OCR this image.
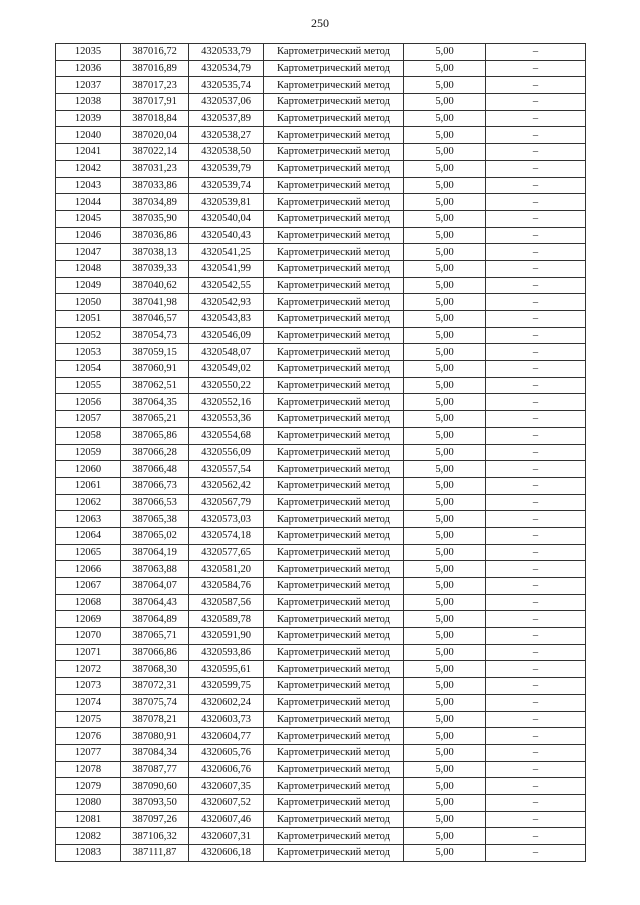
250
12035	387016,72	4320533,79	Картометрический метод	5,00	–
12036	387016,89	4320534,79	Картометрический метод	5,00	–
12037	387017,23	4320535,74	Картометрический метод	5,00	–
12038	387017,91	4320537,06	Картометрический метод	5,00	–
12039	387018,84	4320537,89	Картометрический метод	5,00	–
12040	387020,04	4320538,27	Картометрический метод	5,00	–
12041	387022,14	4320538,50	Картометрический метод	5,00	–
12042	387031,23	4320539,79	Картометрический метод	5,00	–
12043	387033,86	4320539,74	Картометрический метод	5,00	–
12044	387034,89	4320539,81	Картометрический метод	5,00	–
12045	387035,90	4320540,04	Картометрический метод	5,00	–
12046	387036,86	4320540,43	Картометрический метод	5,00	–
12047	387038,13	4320541,25	Картометрический метод	5,00	–
12048	387039,33	4320541,99	Картометрический метод	5,00	–
12049	387040,62	4320542,55	Картометрический метод	5,00	–
12050	387041,98	4320542,93	Картометрический метод	5,00	–
12051	387046,57	4320543,83	Картометрический метод	5,00	–
12052	387054,73	4320546,09	Картометрический метод	5,00	–
12053	387059,15	4320548,07	Картометрический метод	5,00	–
12054	387060,91	4320549,02	Картометрический метод	5,00	–
12055	387062,51	4320550,22	Картометрический метод	5,00	–
12056	387064,35	4320552,16	Картометрический метод	5,00	–
12057	387065,21	4320553,36	Картометрический метод	5,00	–
12058	387065,86	4320554,68	Картометрический метод	5,00	–
12059	387066,28	4320556,09	Картометрический метод	5,00	–
12060	387066,48	4320557,54	Картометрический метод	5,00	–
12061	387066,73	4320562,42	Картометрический метод	5,00	–
12062	387066,53	4320567,79	Картометрический метод	5,00	–
12063	387065,38	4320573,03	Картометрический метод	5,00	–
12064	387065,02	4320574,18	Картометрический метод	5,00	–
12065	387064,19	4320577,65	Картометрический метод	5,00	–
12066	387063,88	4320581,20	Картометрический метод	5,00	–
12067	387064,07	4320584,76	Картометрический метод	5,00	–
12068	387064,43	4320587,56	Картометрический метод	5,00	–
12069	387064,89	4320589,78	Картометрический метод	5,00	–
12070	387065,71	4320591,90	Картометрический метод	5,00	–
12071	387066,86	4320593,86	Картометрический метод	5,00	–
12072	387068,30	4320595,61	Картометрический метод	5,00	–
12073	387072,31	4320599,75	Картометрический метод	5,00	–
12074	387075,74	4320602,24	Картометрический метод	5,00	–
12075	387078,21	4320603,73	Картометрический метод	5,00	–
12076	387080,91	4320604,77	Картометрический метод	5,00	–
12077	387084,34	4320605,76	Картометрический метод	5,00	–
12078	387087,77	4320606,76	Картометрический метод	5,00	–
12079	387090,60	4320607,35	Картометрический метод	5,00	–
12080	387093,50	4320607,52	Картометрический метод	5,00	–
12081	387097,26	4320607,46	Картометрический метод	5,00	–
12082	387106,32	4320607,31	Картометрический метод	5,00	–
12083	387111,87	4320606,18	Картометрический метод	5,00	–
